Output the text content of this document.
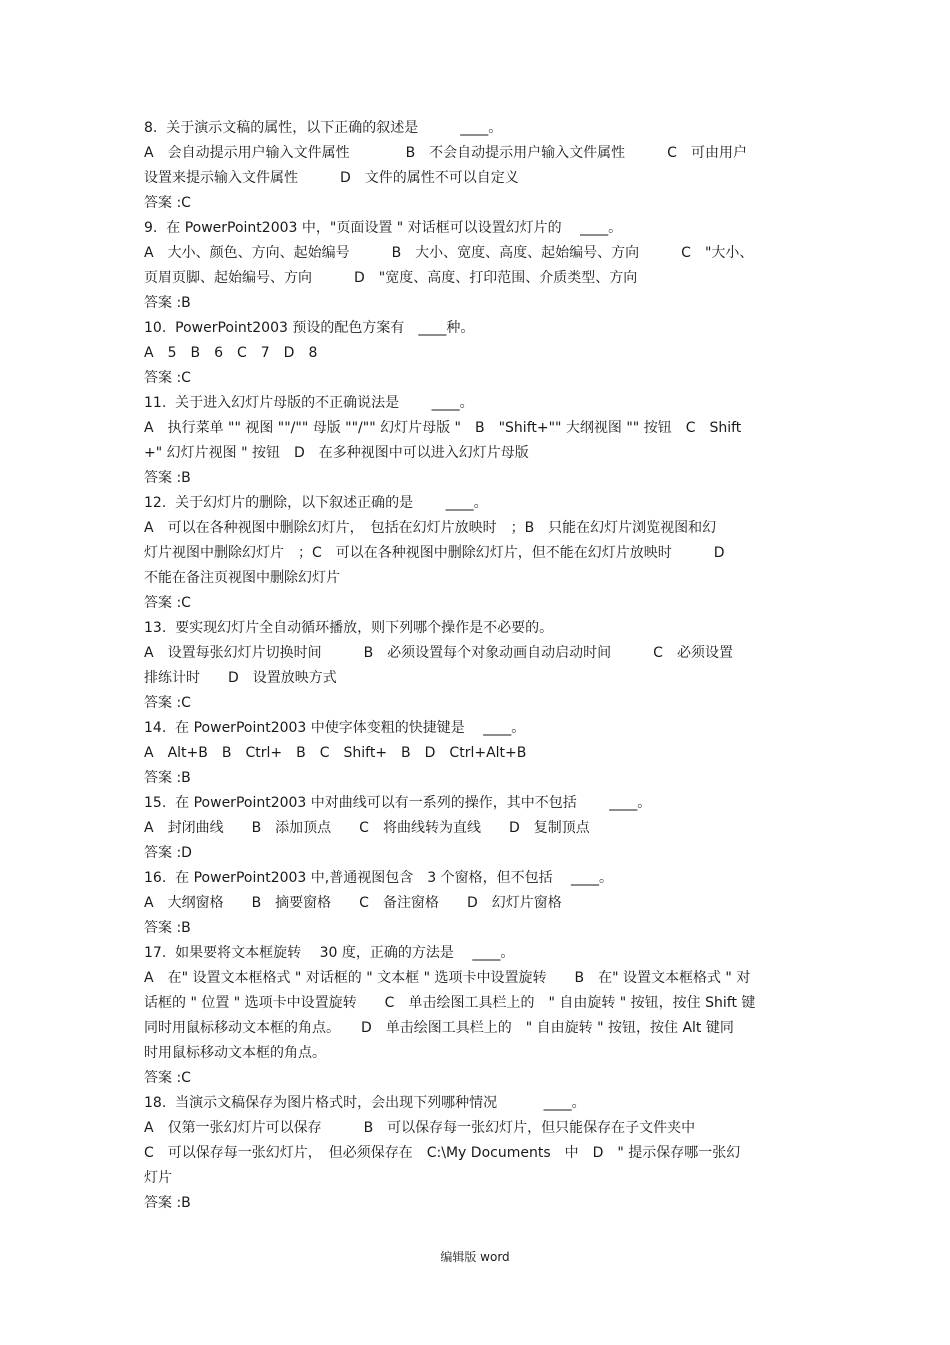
8.  关于演示文稿的属性，以下正确的叙述是　　　____。
A　会自动提示用户输入文件属性　　　　B　不会自动提示用户输入文件属性　　　C　可由用户
设置来提示输入文件属性　　　D　文件的属性不可以自定义
答案 :C
9.  在 PowerPoint2003 中，"页面设置 " 对话框可以设置幻灯片的　 ____。
A　大小、颜色、方向、起始编号　　　B　大小、宽度、高度、起始编号、方向　　　C　"大小、
页眉页脚、起始编号、方向　　　D　"宽度、高度、打印范围、介质类型、方向
答案 :B
10.  PowerPoint2003 预设的配色方案有　____种。
A　5　B　6　C　7　D　8
答案 :C
11.  关于进入幻灯片母版的不正确说法是　　 ____。
A　执行菜单 "" 视图 ""/"" 母版 ""/"" 幻灯片母版 "　B　"Shift+"" 大纲视图 "" 按钮　C　Shift
+" 幻灯片视图 " 按钮　D　在多种视图中可以进入幻灯片母版
答案 :B
12.  关于幻灯片的删除，以下叙述正确的是　　 ____。
A　可以在各种视图中删除幻灯片，　包括在幻灯片放映时　；B　只能在幻灯片浏览视图和幻
灯片视图中删除幻灯片　；C　可以在各种视图中删除幻灯片，但不能在幻灯片放映时　　　D
不能在备注页视图中删除幻灯片
答案 :C
13.  要实现幻灯片全自动循环播放，则下列哪个操作是不必要的。
A　设置每张幻灯片切换时间　　　B　必须设置每个对象动画自动启动时间　　　C　必须设置
排练计时　　D　设置放映方式
答案 :C
14.  在 PowerPoint2003 中使字体变粗的快捷键是　 ____。
A　Alt+B　B　Ctrl+　B　C　Shift+　B　D　Ctrl+Alt+B
答案 :B
15.  在 PowerPoint2003 中对曲线可以有一系列的操作，其中不包括　　 ____。
A　封闭曲线　　B　添加顶点　　C　将曲线转为直线　　D　复制顶点
答案 :D
16.  在 PowerPoint2003 中,普通视图包含　3 个窗格，但不包括　 ____。
A　大纲窗格　　B　摘要窗格　　C　备注窗格　　D　幻灯片窗格
答案 :B
17.  如果要将文本框旋转　 30 度，正确的方法是　 ____。
A　在" 设置文本框格式 " 对话框的 " 文本框 " 选项卡中设置旋转　　B　在" 设置文本框格式 " 对
话框的 " 位置 " 选项卡中设置旋转　　C　单击绘图工具栏上的　" 自由旋转 " 按钮，按住 Shift 键
同时用鼠标移动文本框的角点。　　D　单击绘图工具栏上的　" 自由旋转 " 按钮，按住 Alt 键同
时用鼠标移动文本框的角点。
答案 :C
18.  当演示文稿保存为图片格式时，会出现下列哪种情况　　　 ____。
A　仅第一张幻灯片可以保存　　　B　可以保存每一张幻灯片，但只能保存在子文件夹中
C　可以保存每一张幻灯片，　但必须保存在　C:\My Documents　中　D　" 提示保存哪一张幻
灯片
答案 :B
编辑版 word
